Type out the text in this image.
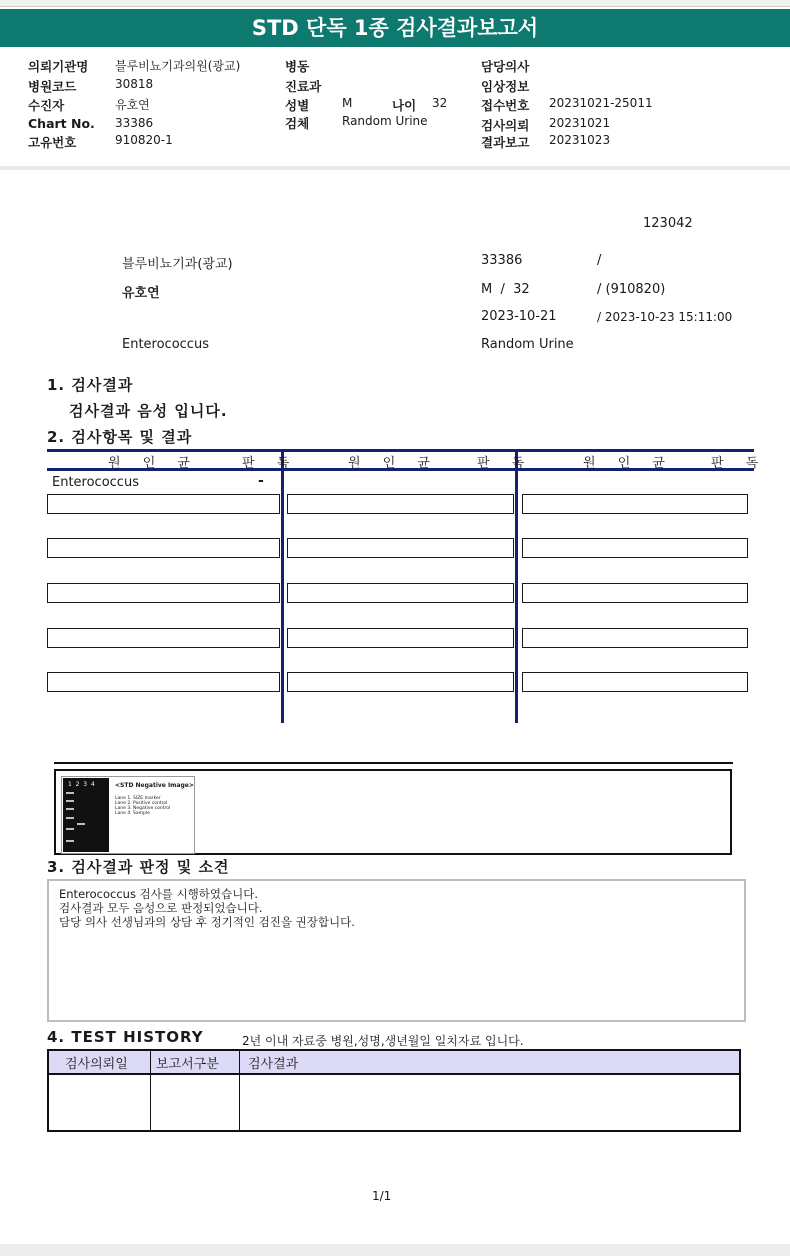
STD 단독 1종 검사결과보고서
의뢰기관명 블루비뇨기과의원(광교)
병원코드	30818
수진자	유호연
Chart No. 33386
고유번호	910820-1
병동
진료과
성별	M	나이 32
검체	Random Urine
담당의사
임상정보
접수번호 20231021-25011
검사의뢰 20231021
결과보고 20231023
123042
블루비뇨기과(광교)	33386	/
유호연	M  /  32	/ (910820)
2023-10-21	/ 2023-10-23 15:11:00
Enterococcus	Random Urine
1. 검사결과
검사결과 음성 입니다.
2. 검사항목 및 결과
원 인 균	판 독	원 인 균	판 독	원 인 균	판 독
Enterococcus	-
1  2  3  4	<STD Negative Image>
Lane 1. SIZE marker
Lane 2. Positive control
Lane 3. Negative control
Lane 4. Sample
3. 검사결과 판정 및 소견
Enterococcus 검사를 시행하였습니다.
검사결과 모두 음성으로 판정되었습니다.
담당 의사 선생님과의 상담 후 정기적인 검진을 권장합니다.
4. TEST HISTORY	2년 이내 자료중 병원,성명,생년월일 일치자료 입니다.
검사의뢰일 보고서구분 검사결과
1/1
